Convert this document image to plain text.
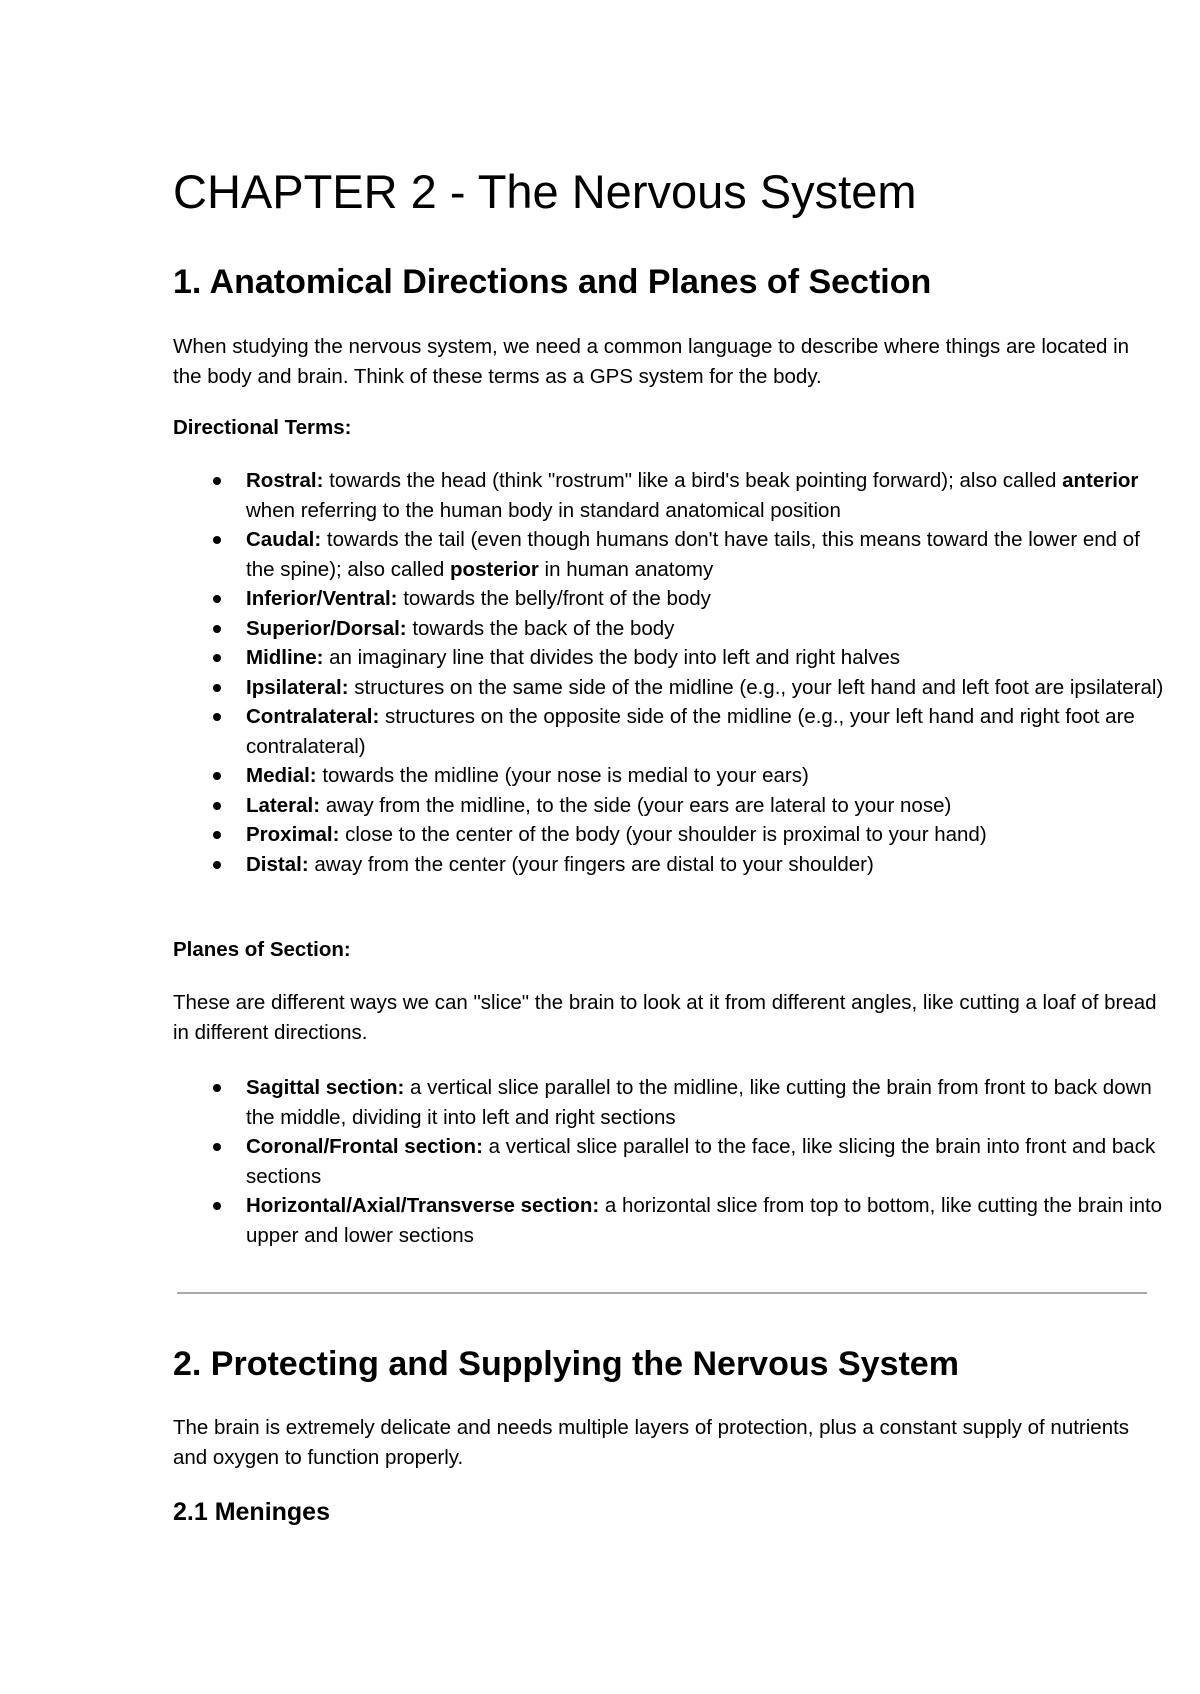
CHAPTER 2 - The Nervous System
1. Anatomical Directions and Planes of Section

When studying the nervous system, we need a common language to describe where things are located in the body and brain. Think of these terms as a GPS system for the body.

Directional Terms:

Rostral: towards the head (think "rostrum" like a bird's beak pointing forward); also called anterior when referring to the human body in standard anatomical position
Caudal: towards the tail (even though humans don't have tails, this means toward the lower end of the spine); also called posterior in human anatomy
Inferior/Ventral: towards the belly/front of the body
Superior/Dorsal: towards the back of the body
Midline: an imaginary line that divides the body into left and right halves
Ipsilateral: structures on the same side of the midline (e.g., your left hand and left foot are ipsilateral)
Contralateral: structures on the opposite side of the midline (e.g., your left hand and right foot are contralateral)
Medial: towards the midline (your nose is medial to your ears)
Lateral: away from the midline, to the side (your ears are lateral to your nose)
Proximal: close to the center of the body (your shoulder is proximal to your hand)
Distal: away from the center (your fingers are distal to your shoulder)

Planes of Section:

These are different ways we can "slice" the brain to look at it from different angles, like cutting a loaf of bread in different directions.

Sagittal section: a vertical slice parallel to the midline, like cutting the brain from front to back down the middle, dividing it into left and right sections
Coronal/Frontal section: a vertical slice parallel to the face, like slicing the brain into front and back sections
Horizontal/Axial/Transverse section: a horizontal slice from top to bottom, like cutting the brain into upper and lower sections
2. Protecting and Supplying the Nervous System

The brain is extremely delicate and needs multiple layers of protection, plus a constant supply of nutrients and oxygen to function properly.

2.1 Meninges
